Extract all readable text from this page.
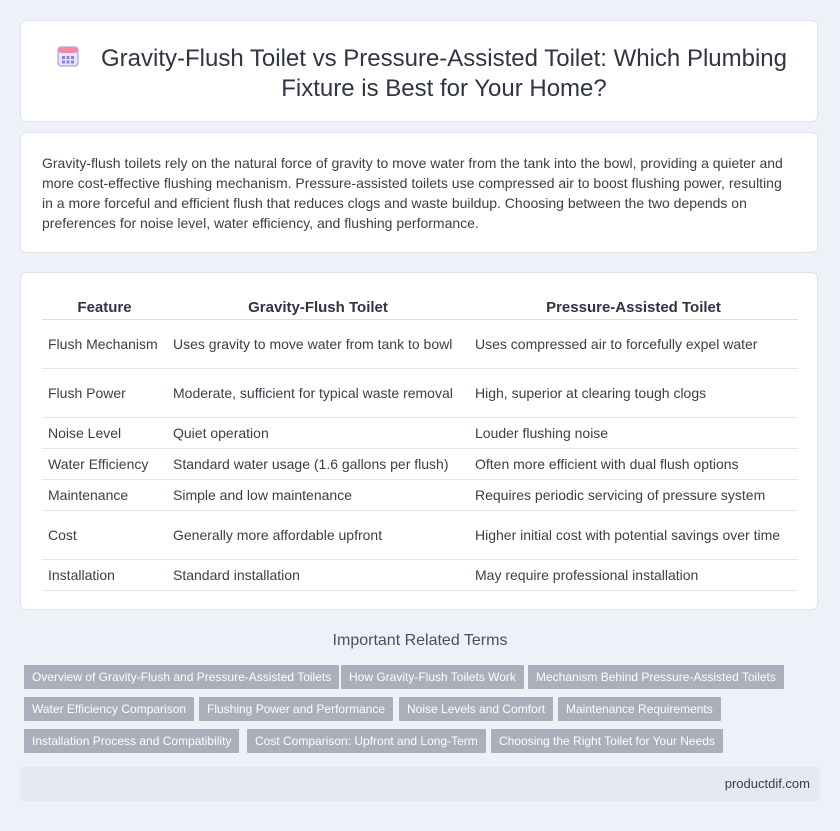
Gravity-Flush Toilet vs Pressure-Assisted Toilet: Which Plumbing Fixture is Best for Your Home?

Gravity-flush toilets rely on the natural force of gravity to move water from the tank into the bowl, providing a quieter and more cost-effective flushing mechanism. Pressure-assisted toilets use compressed air to boost flushing power, resulting in a more forceful and efficient flush that reduces clogs and waste buildup. Choosing between the two depends on preferences for noise level, water efficiency, and flushing performance.

Feature	Gravity-Flush Toilet	Pressure-Assisted Toilet
Flush Mechanism	Uses gravity to move water from tank to bowl	Uses compressed air to forcefully expel water
Flush Power	Moderate, sufficient for typical waste removal	High, superior at clearing tough clogs
Noise Level	Quiet operation	Louder flushing noise
Water Efficiency	Standard water usage (1.6 gallons per flush)	Often more efficient with dual flush options
Maintenance	Simple and low maintenance	Requires periodic servicing of pressure system
Cost	Generally more affordable upfront	Higher initial cost with potential savings over time
Installation	Standard installation	May require professional installation
Important Related Terms
Overview of Gravity-Flush and Pressure-Assisted Toilets	How Gravity-Flush Toilets Work	Mechanism Behind Pressure-Assisted Toilets
Water Efficiency Comparison	Flushing Power and Performance	Noise Levels and Comfort	Maintenance Requirements
Installation Process and Compatibility	Cost Comparison: Upfront and Long-Term	Choosing the Right Toilet for Your Needs
productdif.com
